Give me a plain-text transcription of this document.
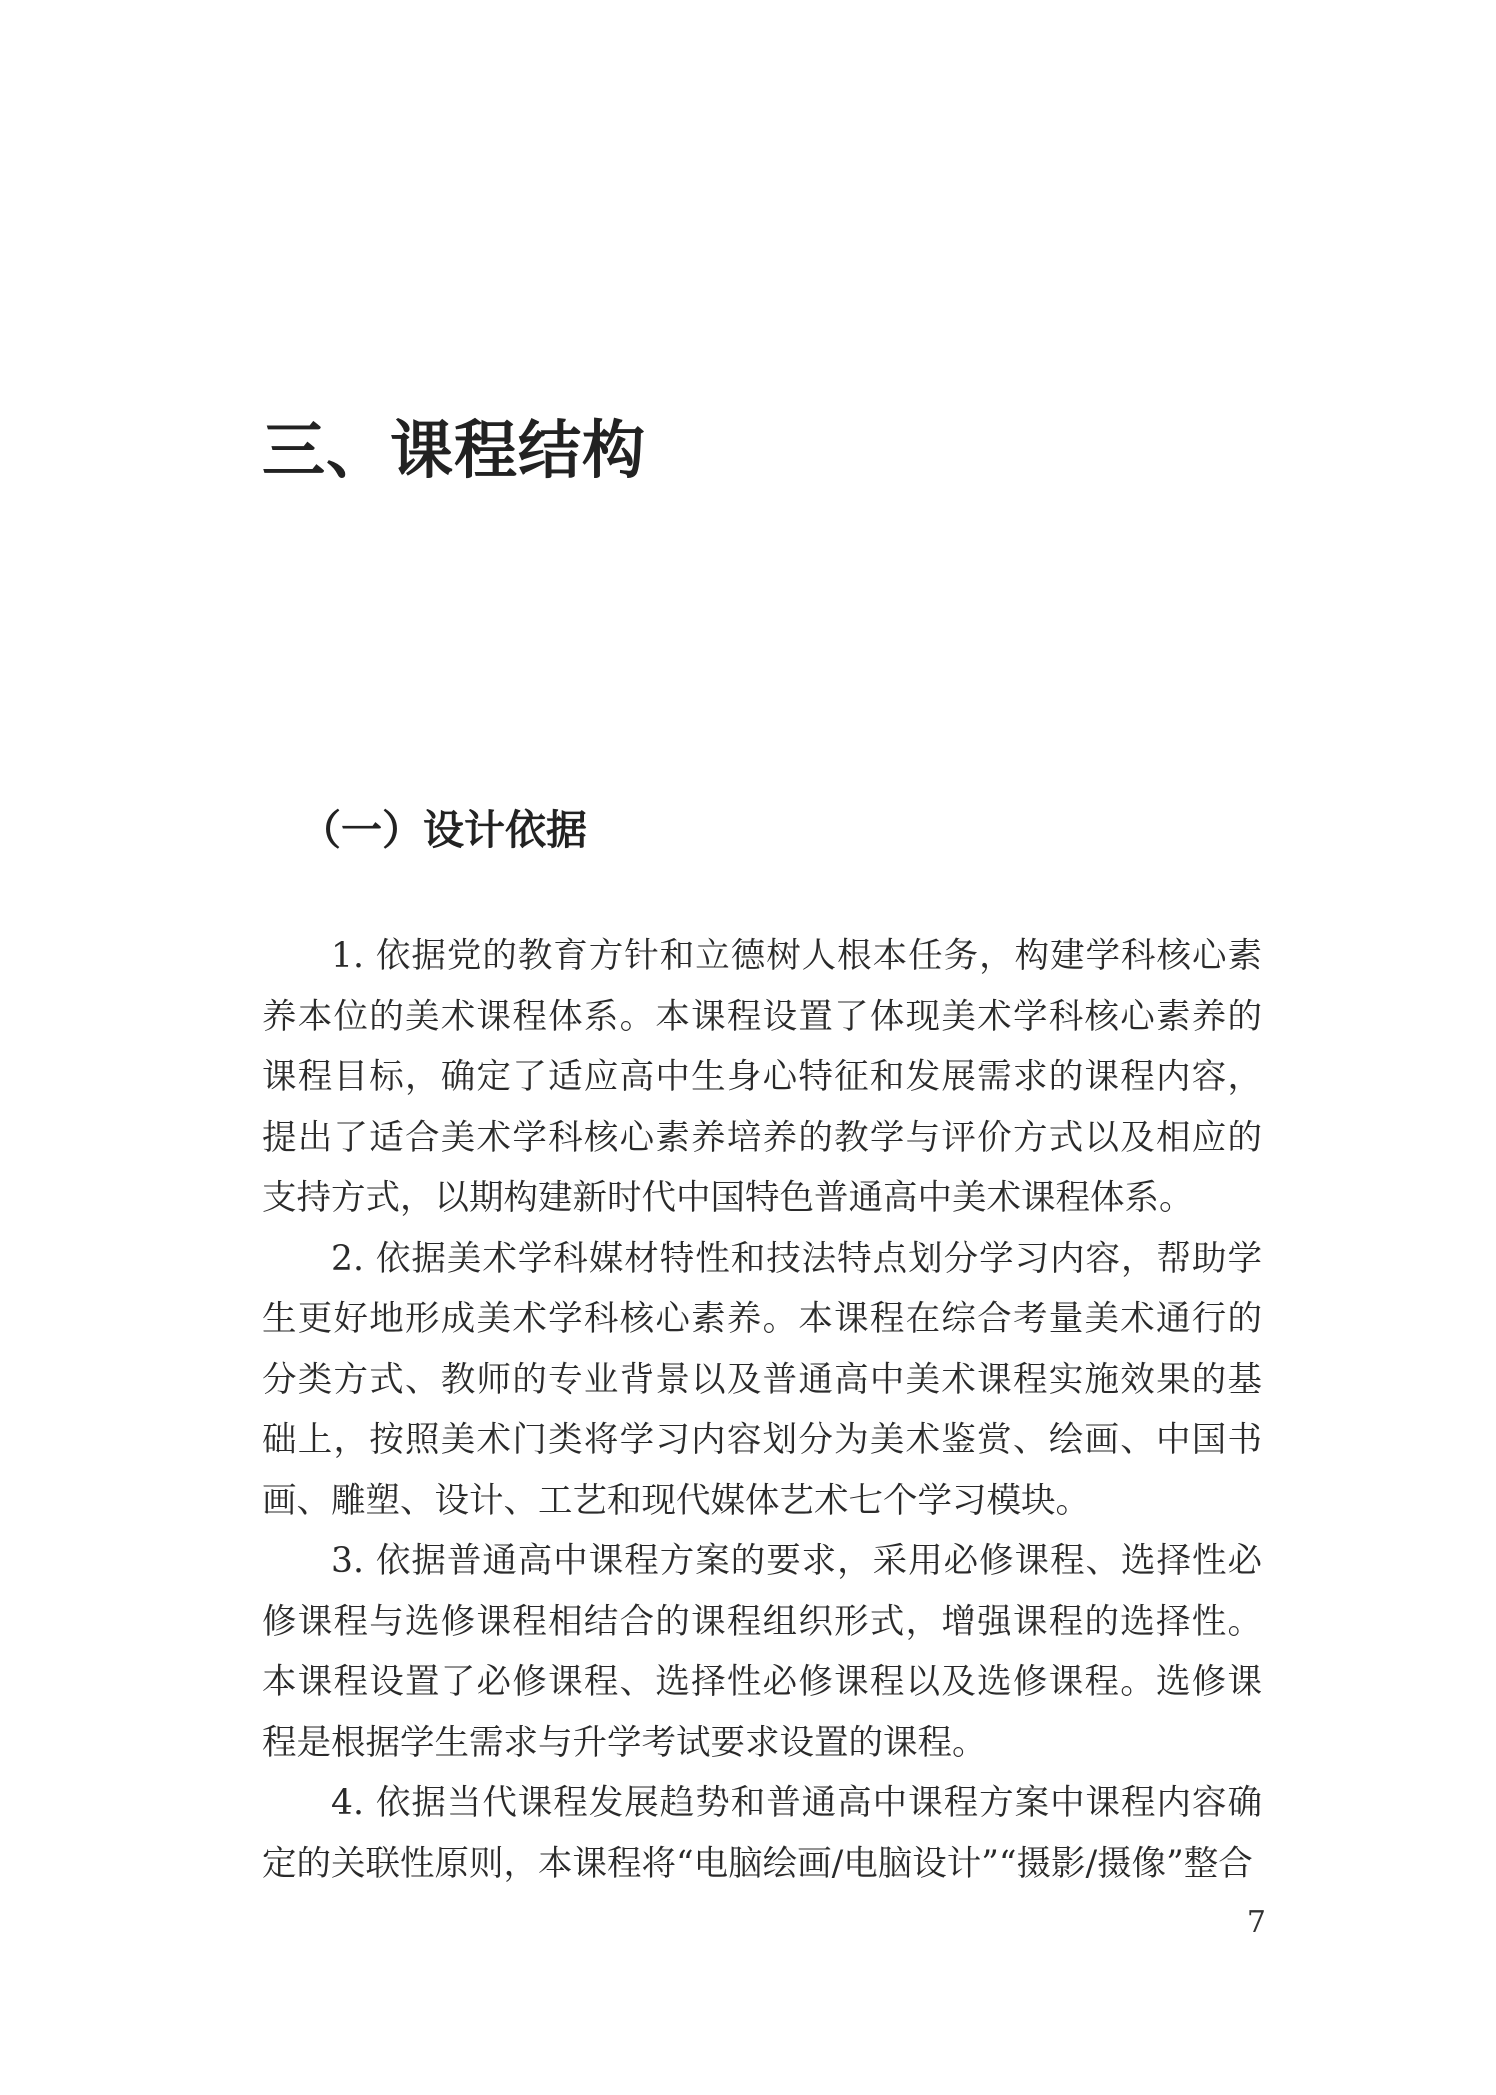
三、课程结构
（一）设计依据

1. 依据党的教育方针和立德树人根本任务，构建学科核心素养本位的美术课程体系。本课程设置了体现美术学科核心素养的课程目标，确定了适应高中生身心特征和发展需求的课程内容，提出了适合美术学科核心素养培养的教学与评价方式以及相应的支持方式，以期构建新时代中国特色普通高中美术课程体系。

2. 依据美术学科媒材特性和技法特点划分学习内容，帮助学生更好地形成美术学科核心素养。本课程在综合考量美术通行的分类方式、教师的专业背景以及普通高中美术课程实施效果的基础上，按照美术门类将学习内容划分为美术鉴赏、绘画、中国书画、雕塑、设计、工艺和现代媒体艺术七个学习模块。

3. 依据普通高中课程方案的要求，采用必修课程、选择性必修课程与选修课程相结合的课程组织形式，增强课程的选择性。本课程设置了必修课程、选择性必修课程以及选修课程。选修课程是根据学生需求与升学考试要求设置的课程。

4. 依据当代课程发展趋势和普通高中课程方案中课程内容确定的关联性原则，本课程将“电脑绘画/电脑设计”“摄影/摄像”整合

7
